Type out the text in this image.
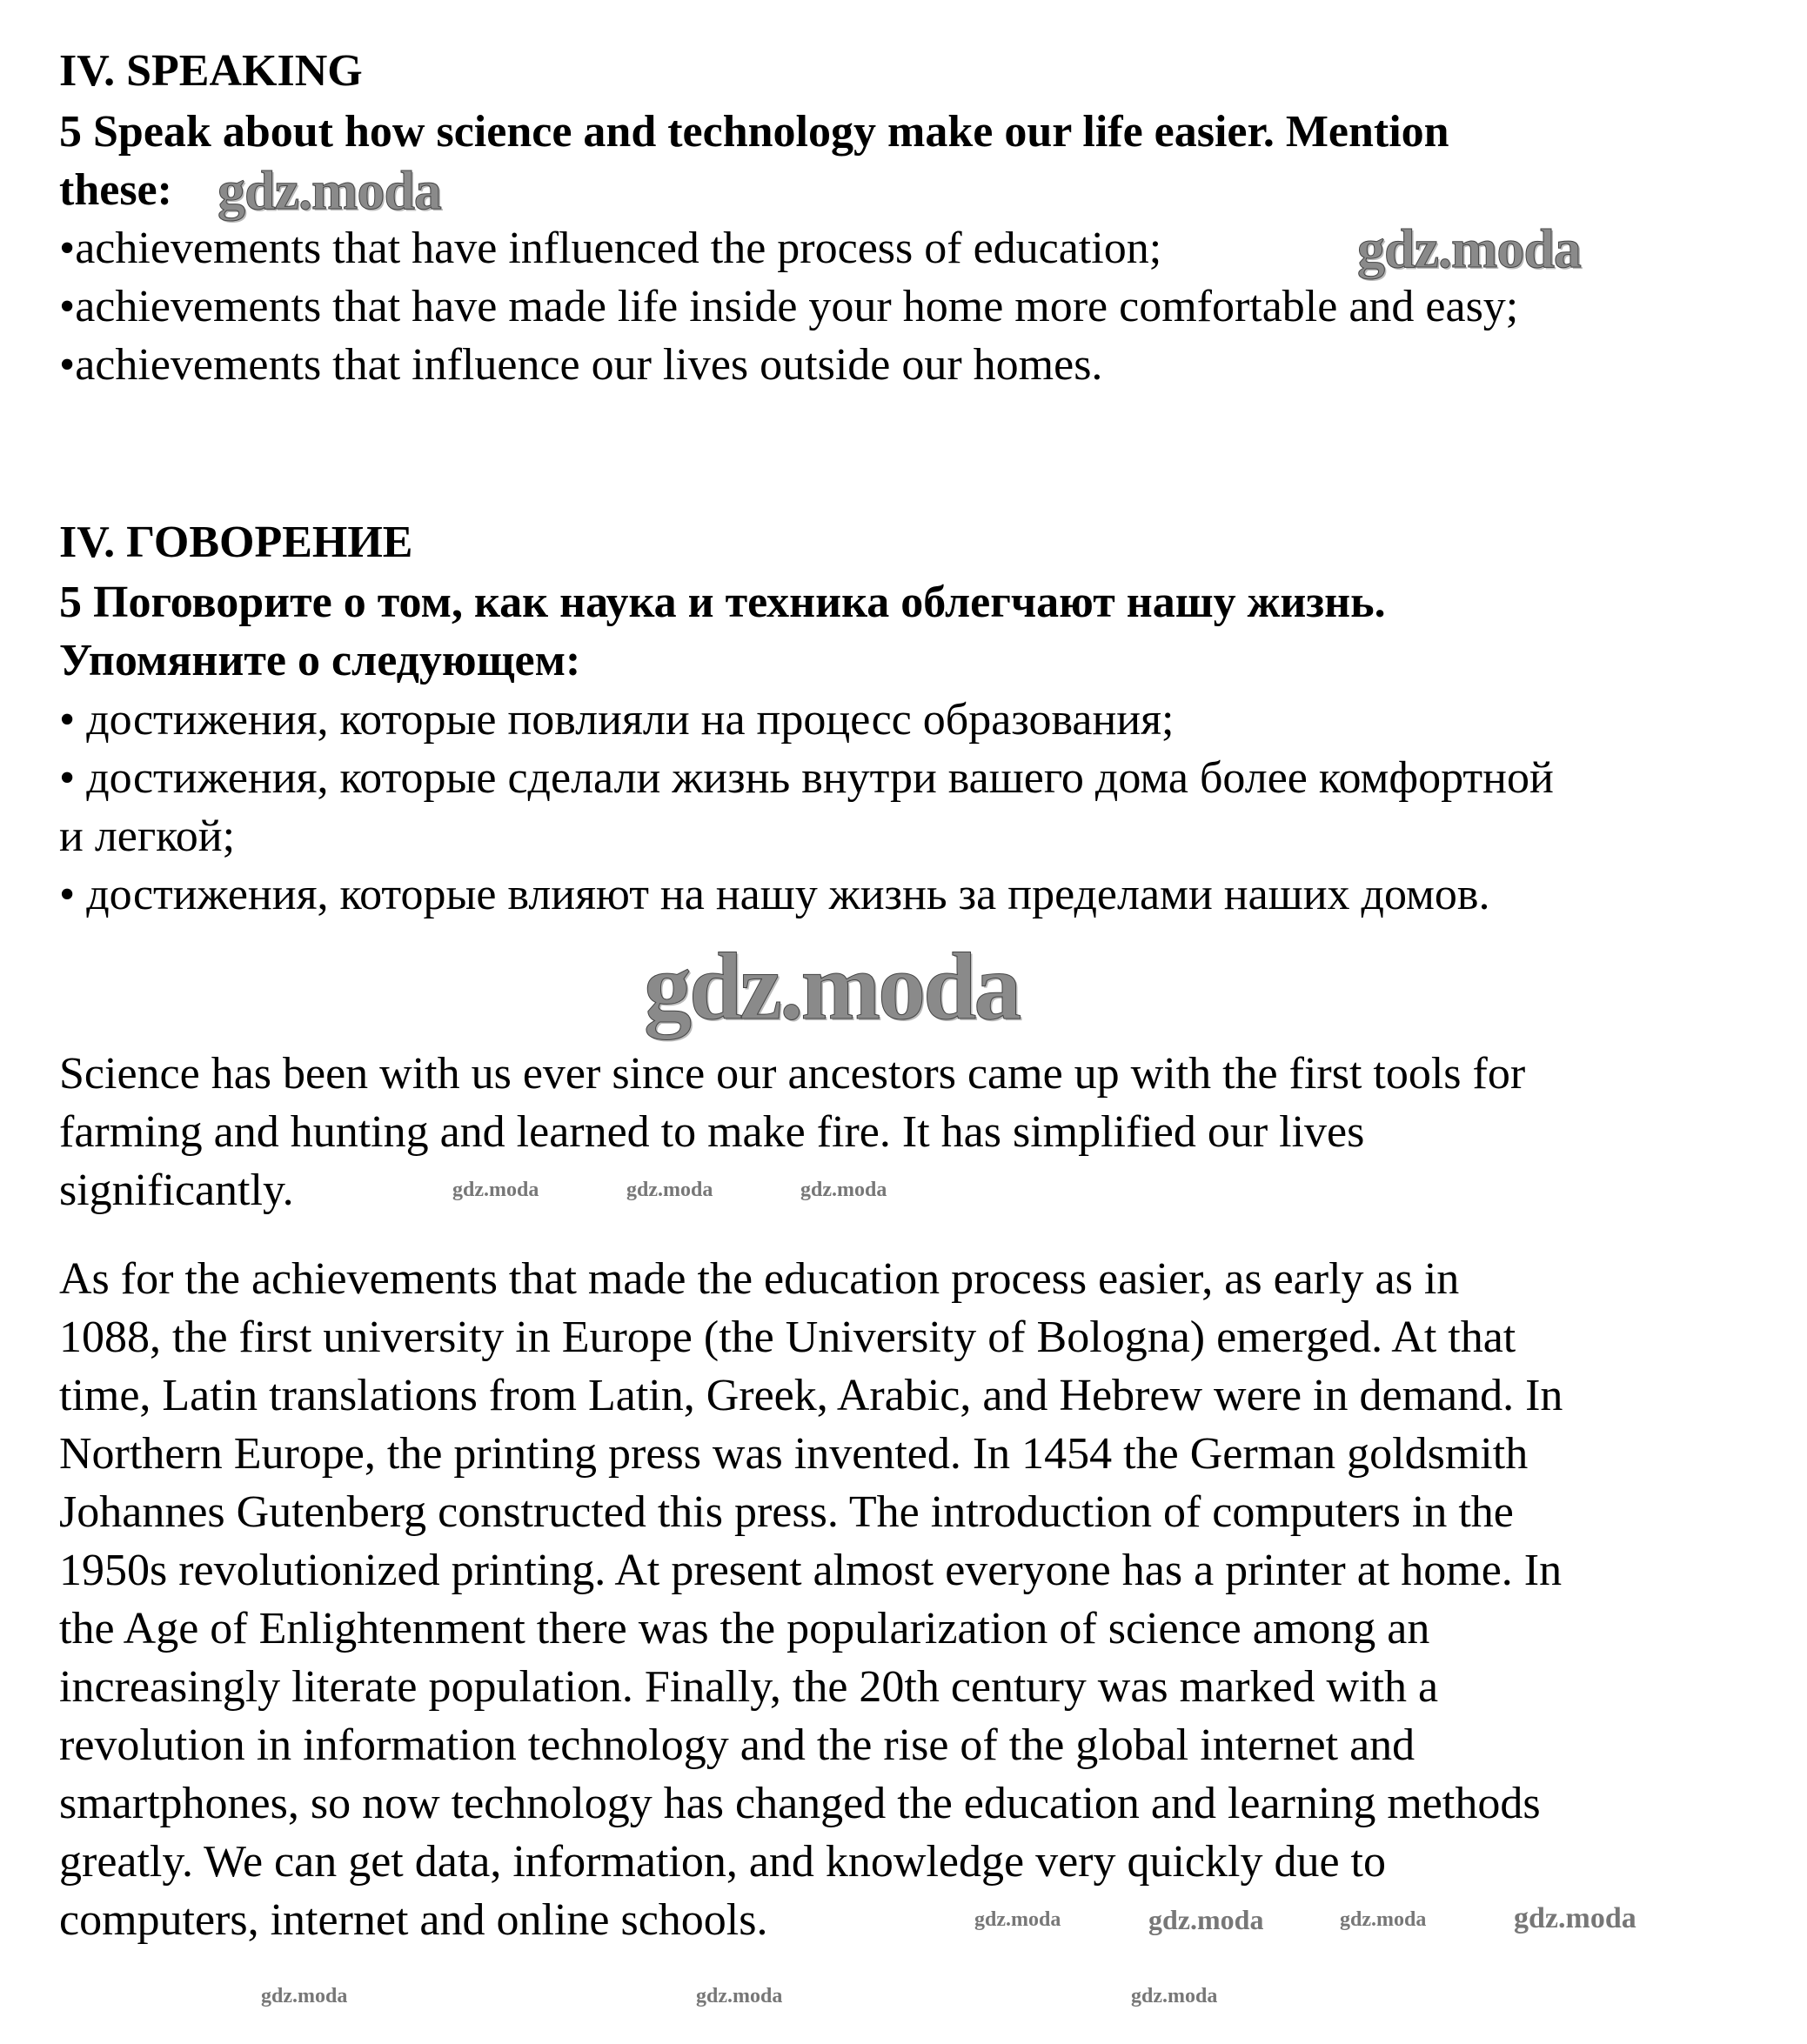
IV. SPEAKING
5 Speak about how science and technology make our life easier. Mention
these:
•achievements that have influenced the process of education;
•achievements that have made life inside your home more comfortable and easy;
•achievements that influence our lives outside our homes.
IV. ГОВОРЕНИЕ
5 Поговорите о том, как наука и техника облегчают нашу жизнь.
Упомяните о следующем:
• достижения, которые повлияли на процесс образования;
• достижения, которые сделали жизнь внутри вашего дома более комфортной
и легкой;
• достижения, которые влияют на нашу жизнь за пределами наших домов.
Science has been with us ever since our ancestors came up with the first tools for
farming and hunting and learned to make fire. It has simplified our lives
significantly.
As for the achievements that made the education process easier, as early as in
1088, the first university in Europe (the University of Bologna) emerged. At that
time, Latin translations from Latin, Greek, Arabic, and Hebrew were in demand. In
Northern Europe, the printing press was invented. In 1454 the German goldsmith
Johannes Gutenberg constructed this press. The introduction of computers in the
1950s revolutionized printing. At present almost everyone has a printer at home. In
the Age of Enlightenment there was the popularization of science among an
increasingly literate population. Finally, the 20th century was marked with a
revolution in information technology and the rise of the global internet and
smartphones, so now technology has changed the education and learning methods
greatly. We can get data, information, and knowledge very quickly due to
computers, internet and online schools.
gdz.moda
gdz.moda
gdz.moda
gdz.moda	gdz.moda	gdz.moda
gdz.moda	gdz.moda	gdz.moda	gdz.moda
gdz.moda	gdz.moda	gdz.moda
